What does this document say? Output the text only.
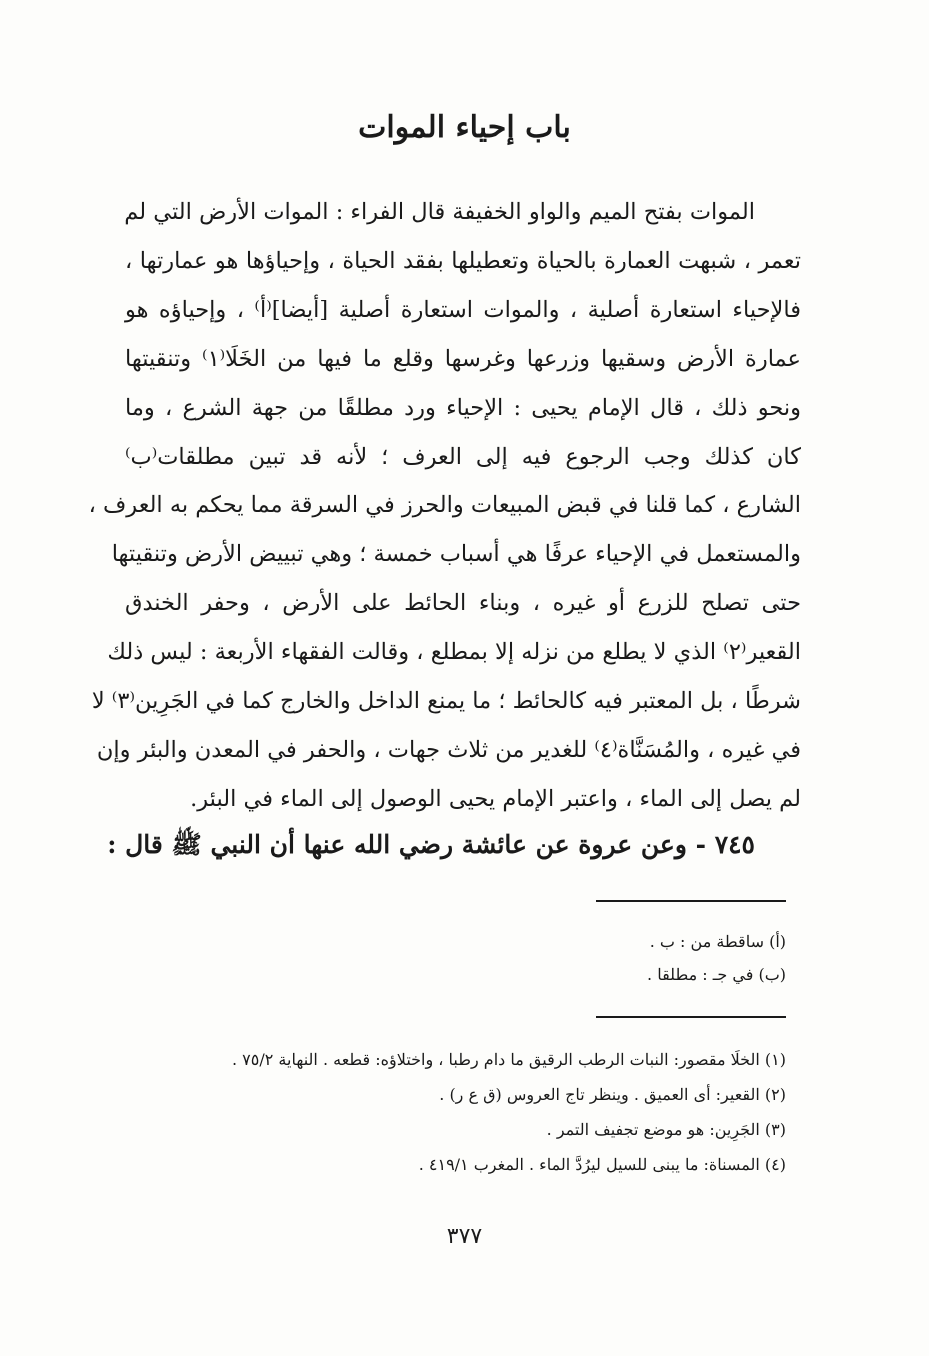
باب إحياء الموات
الموات بفتح الميم والواو الخفيفة قال الفراء : الموات الأرض التي لم
تعمر ، شبهت العمارة بالحياة وتعطيلها بفقد الحياة ، وإحياؤها هو عمارتها ،
فالإحياء استعارة أصلية ، والموات استعارة أصلية [أيضا]⁽أ⁾ ، وإحياؤه هو
عمارة الأرض وسقيها وزرعها وغرسها وقلع ما فيها من الخَلَا⁽١⁾ وتنقيتها
ونحو ذلك ، قال الإمام يحيى : الإحياء ورد مطلقًا من جهة الشرع ، وما
كان كذلك وجب الرجوع فيه إلى العرف ؛ لأنه قد تبين مطلقات⁽ب⁾
الشارع ، كما قلنا في قبض المبيعات والحرز في السرقة مما يحكم به العرف ،
والمستعمل في الإحياء عرفًا هي أسباب خمسة ؛ وهي تبييض الأرض وتنقيتها
حتى تصلح للزرع أو غيره ، وبناء الحائط على الأرض ، وحفر الخندق
القعير⁽٢⁾ الذي لا يطلع من نزله إلا بمطلع ، وقالت الفقهاء الأربعة : ليس ذلك
شرطًا ، بل المعتبر فيه كالحائط ؛ ما يمنع الداخل والخارج كما في الجَرِين⁽٣⁾ لا
في غيره ، والمُسَنَّاة⁽٤⁾ للغدير من ثلاث جهات ، والحفر في المعدن والبئر وإن
لم يصل إلى الماء ، واعتبر الإمام يحيى الوصول إلى الماء في البئر.
٧٤٥ - وعن عروة عن عائشة رضي الله عنها أن النبي ﷺ قال :
(أ) ساقطة من : ب .
(ب) في جـ : مطلقا .
(١) الخلَا مقصور: النبات الرطب الرقيق ما دام رطبا ، واختلاؤه: قطعه . النهاية ٧٥/٢ .
(٢) القعير: أى العميق . وينظر تاج العروس (ق ع ر) .
(٣) الجَرِين: هو موضع تجفيف التمر .
(٤) المسناة: ما يبنى للسيل ليرُدَّ الماء . المغرب ٤١٩/١ .
٣٧٧
